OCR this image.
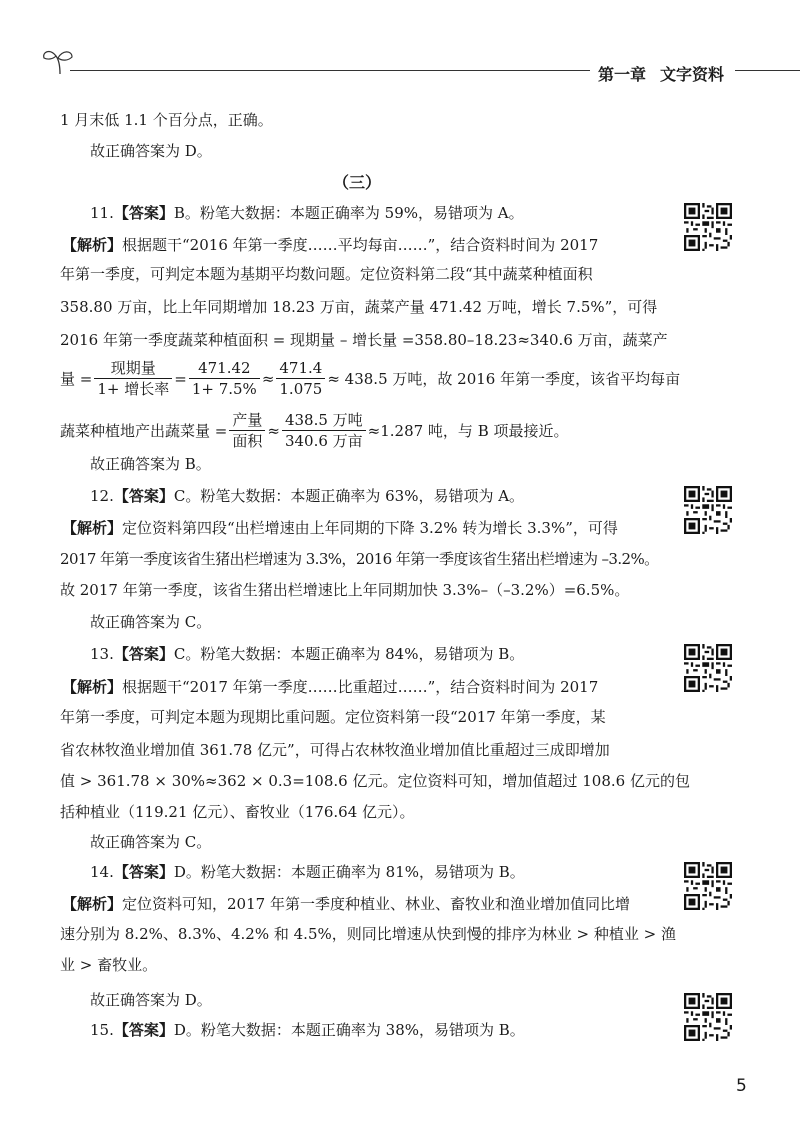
第一章 文字资料
1 月末低 1.1 个百分点，正确。
故正确答案为 D。
（三）
11.【答案】B。粉笔大数据：本题正确率为 59%，易错项为 A。
【解析】根据题干“2016 年第一季度……平均每亩……”，结合资料时间为 2017
年第一季度，可判定本题为基期平均数问题。定位资料第二段“其中蔬菜种植面积
358.80 万亩，比上年同期增加 18.23 万亩，蔬菜产量 471.42 万吨，增长 7.5%”，可得
2016 年第一季度蔬菜种植面积 = 现期量 – 增长量 =358.80–18.23≈340.6 万亩，蔬菜产
量 = $\frac{\text{现期量}}{\text{1+ 增长率}} = \frac{471.42}{1+ 7.5\%} \approx \frac{471.4}{1.075} \approx 438.5$ 万吨，故 2016 年第一季度，该省平均每亩
蔬菜种植地产出蔬菜量 = $\frac{\text{产量}}{\text{面积}} \approx \frac{\text{438.5 万吨}}{\text{340.6 万亩}} \approx 1.287$ 吨，与 B 项最接近。
故正确答案为 B。
12.【答案】C。粉笔大数据：本题正确率为 63%，易错项为 A。
【解析】定位资料第四段“出栏增速由上年同期的下降 3.2% 转为增长 3.3%”，可得
2017 年第一季度该省生猪出栏增速为 3.3%，2016 年第一季度该省生猪出栏增速为 –3.2%。
故 2017 年第一季度，该省生猪出栏增速比上年同期加快 3.3%–（–3.2%）=6.5%。
故正确答案为 C。
13.【答案】C。粉笔大数据：本题正确率为 84%，易错项为 B。
【解析】根据题干“2017 年第一季度……比重超过……”，结合资料时间为 2017
年第一季度，可判定本题为现期比重问题。定位资料第一段“2017 年第一季度，某
省农林牧渔业增加值 361.78 亿元”，可得占农林牧渔业增加值比重超过三成即增加
值 > 361.78 × 30%≈362 × 0.3=108.6 亿元。定位资料可知，增加值超过 108.6 亿元的包
括种植业（119.21 亿元）、畜牧业（176.64 亿元）。
故正确答案为 C。
14.【答案】D。粉笔大数据：本题正确率为 81%，易错项为 B。
【解析】定位资料可知，2017 年第一季度种植业、林业、畜牧业和渔业增加值同比增
速分别为 8.2%、8.3%、4.2% 和 4.5%，则同比增速从快到慢的排序为林业 > 种植业 > 渔
业 > 畜牧业。
故正确答案为 D。
15.【答案】D。粉笔大数据：本题正确率为 38%，易错项为 B。
5
